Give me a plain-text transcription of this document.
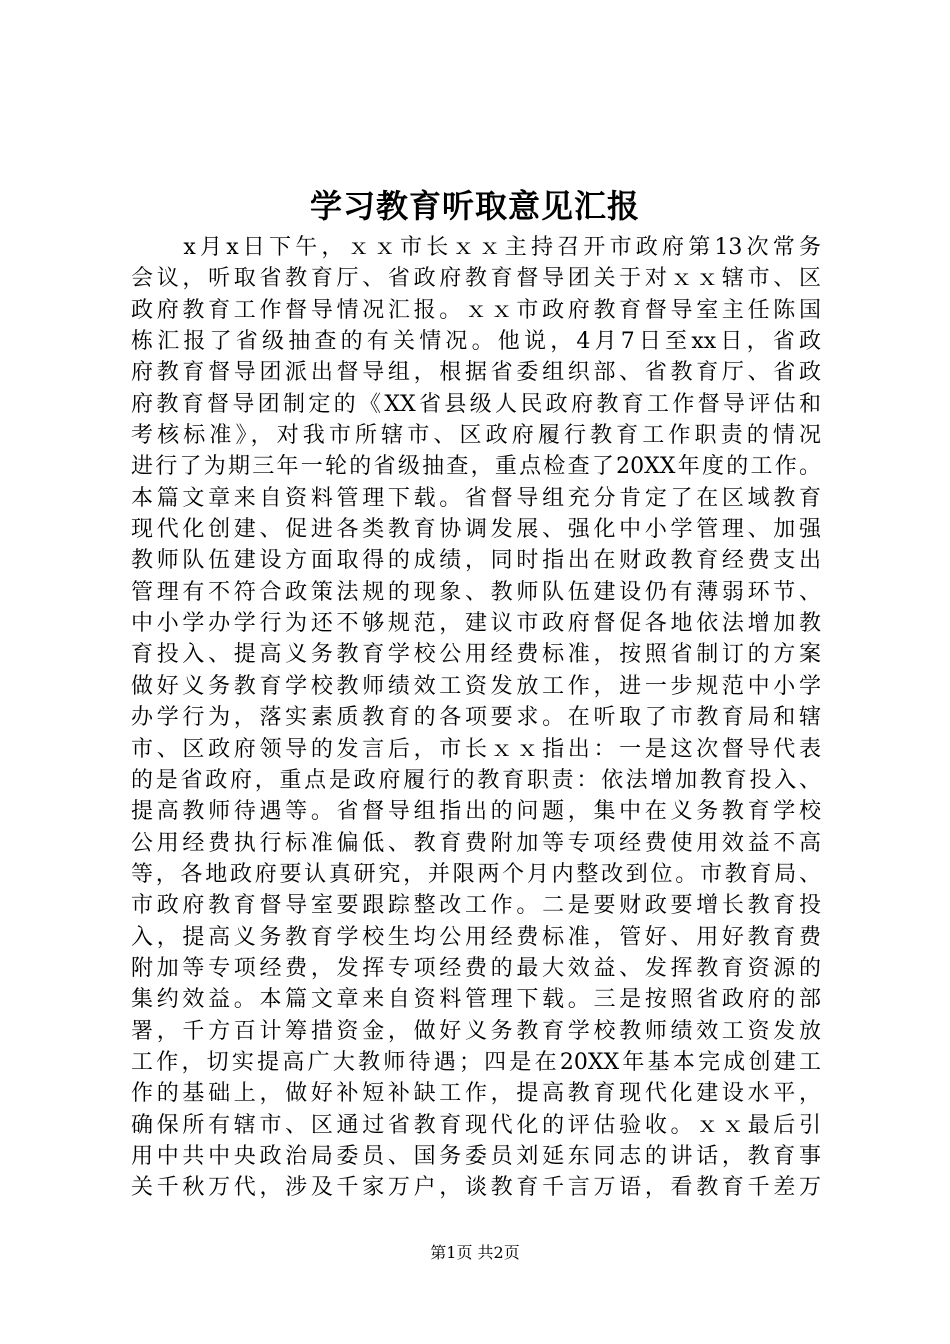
学习教育听取意见汇报
　　x月x日下午，ｘｘ市长ｘｘ主持召开市政府第13次常务
会议，听取省教育厅、省政府教育督导团关于对ｘｘ辖市、区
政府教育工作督导情况汇报。ｘｘ市政府教育督导室主任陈国
栋汇报了省级抽查的有关情况。他说，4月7日至xx日，省政
府教育督导团派出督导组，根据省委组织部、省教育厅、省政
府教育督导团制定的《XX省县级人民政府教育工作督导评估和
考核标准》，对我市所辖市、区政府履行教育工作职责的情况
进行了为期三年一轮的省级抽查，重点检查了20XX年度的工作。
本篇文章来自资料管理下载。省督导组充分肯定了在区域教育
现代化创建、促进各类教育协调发展、强化中小学管理、加强
教师队伍建设方面取得的成绩，同时指出在财政教育经费支出
管理有不符合政策法规的现象、教师队伍建设仍有薄弱环节、
中小学办学行为还不够规范，建议市政府督促各地依法增加教
育投入、提高义务教育学校公用经费标准，按照省制订的方案
做好义务教育学校教师绩效工资发放工作，进一步规范中小学
办学行为，落实素质教育的各项要求。在听取了市教育局和辖
市、区政府领导的发言后，市长ｘｘ指出：一是这次督导代表
的是省政府，重点是政府履行的教育职责：依法增加教育投入、
提高教师待遇等。省督导组指出的问题，集中在义务教育学校
公用经费执行标准偏低、教育费附加等专项经费使用效益不高
等，各地政府要认真研究，并限两个月内整改到位。市教育局、
市政府教育督导室要跟踪整改工作。二是要财政要增长教育投
入，提高义务教育学校生均公用经费标准，管好、用好教育费
附加等专项经费，发挥专项经费的最大效益、发挥教育资源的
集约效益。本篇文章来自资料管理下载。三是按照省政府的部
署，千方百计筹措资金，做好义务教育学校教师绩效工资发放
工作，切实提高广大教师待遇；四是在20XX年基本完成创建工
作的基础上，做好补短补缺工作，提高教育现代化建设水平，
确保所有辖市、区通过省教育现代化的评估验收。ｘｘ最后引
用中共中央政治局委员、国务委员刘延东同志的讲话，教育事
关千秋万代，涉及千家万户，谈教育千言万语，看教育千差万
第1页 共2页
